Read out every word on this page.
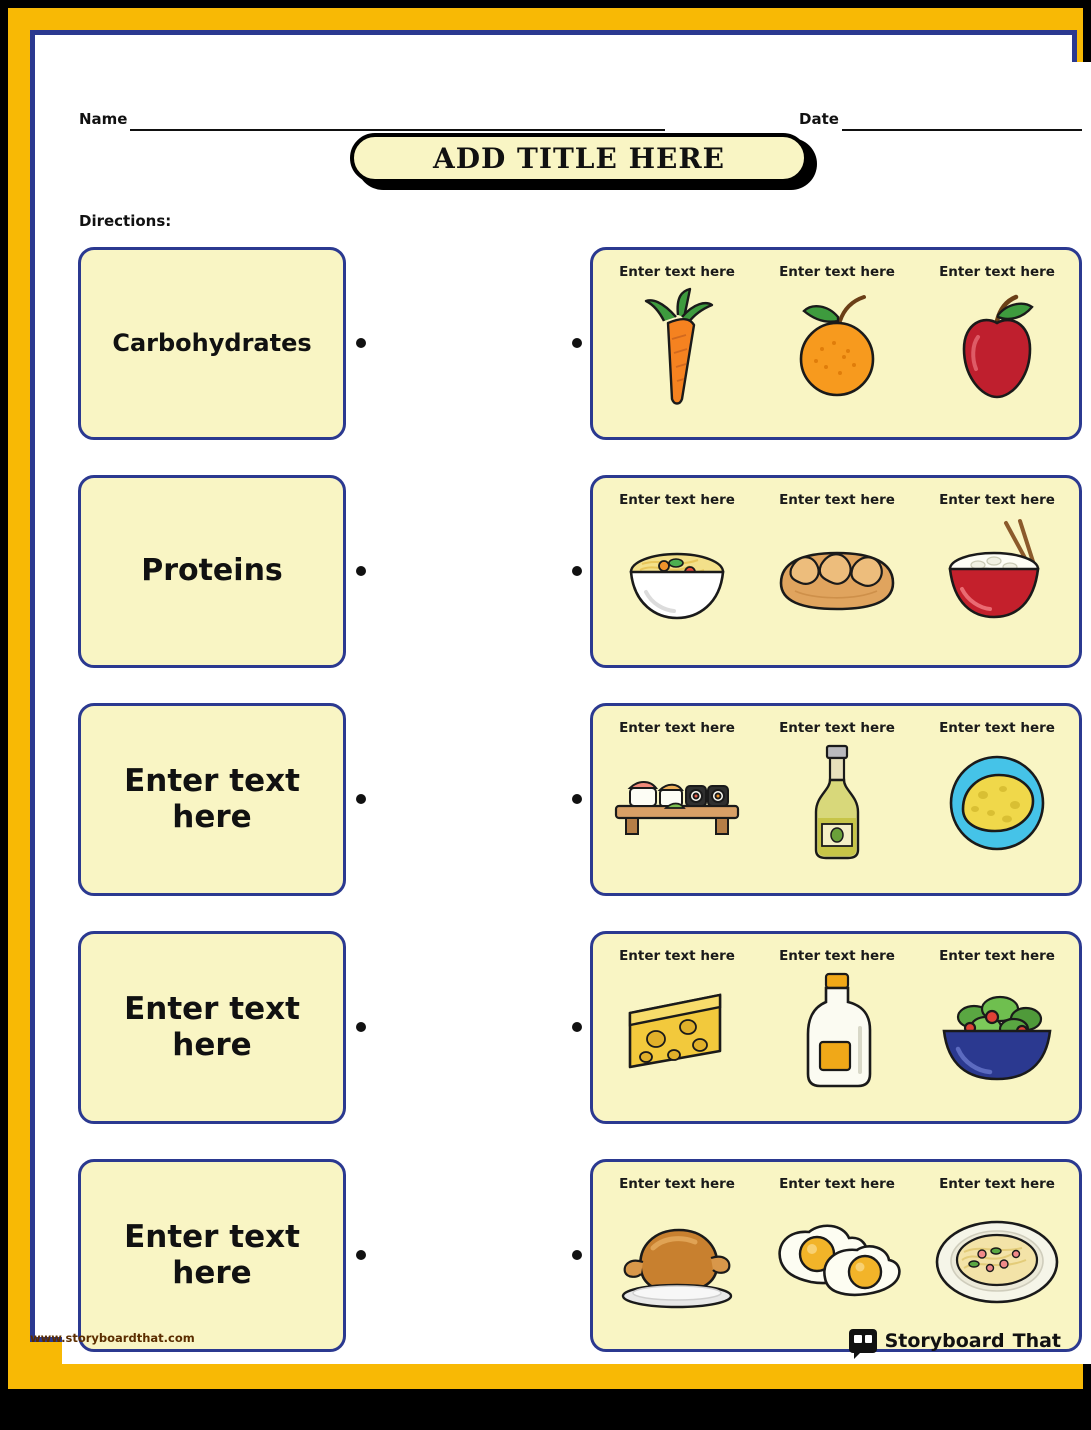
Name	Date
ADD TITLE HERE
Directions:
Carbohydrates
Enter text here	Enter text here	Enter text here
Proteins
Enter text here	Enter text here	Enter text here
Enter text here
Enter text here	Enter text here	Enter text here
Enter text here
Enter text here	Enter text here	Enter text here
Enter text here
Enter text here	Enter text here	Enter text here
www.storyboardthat.com	Storyboard That
